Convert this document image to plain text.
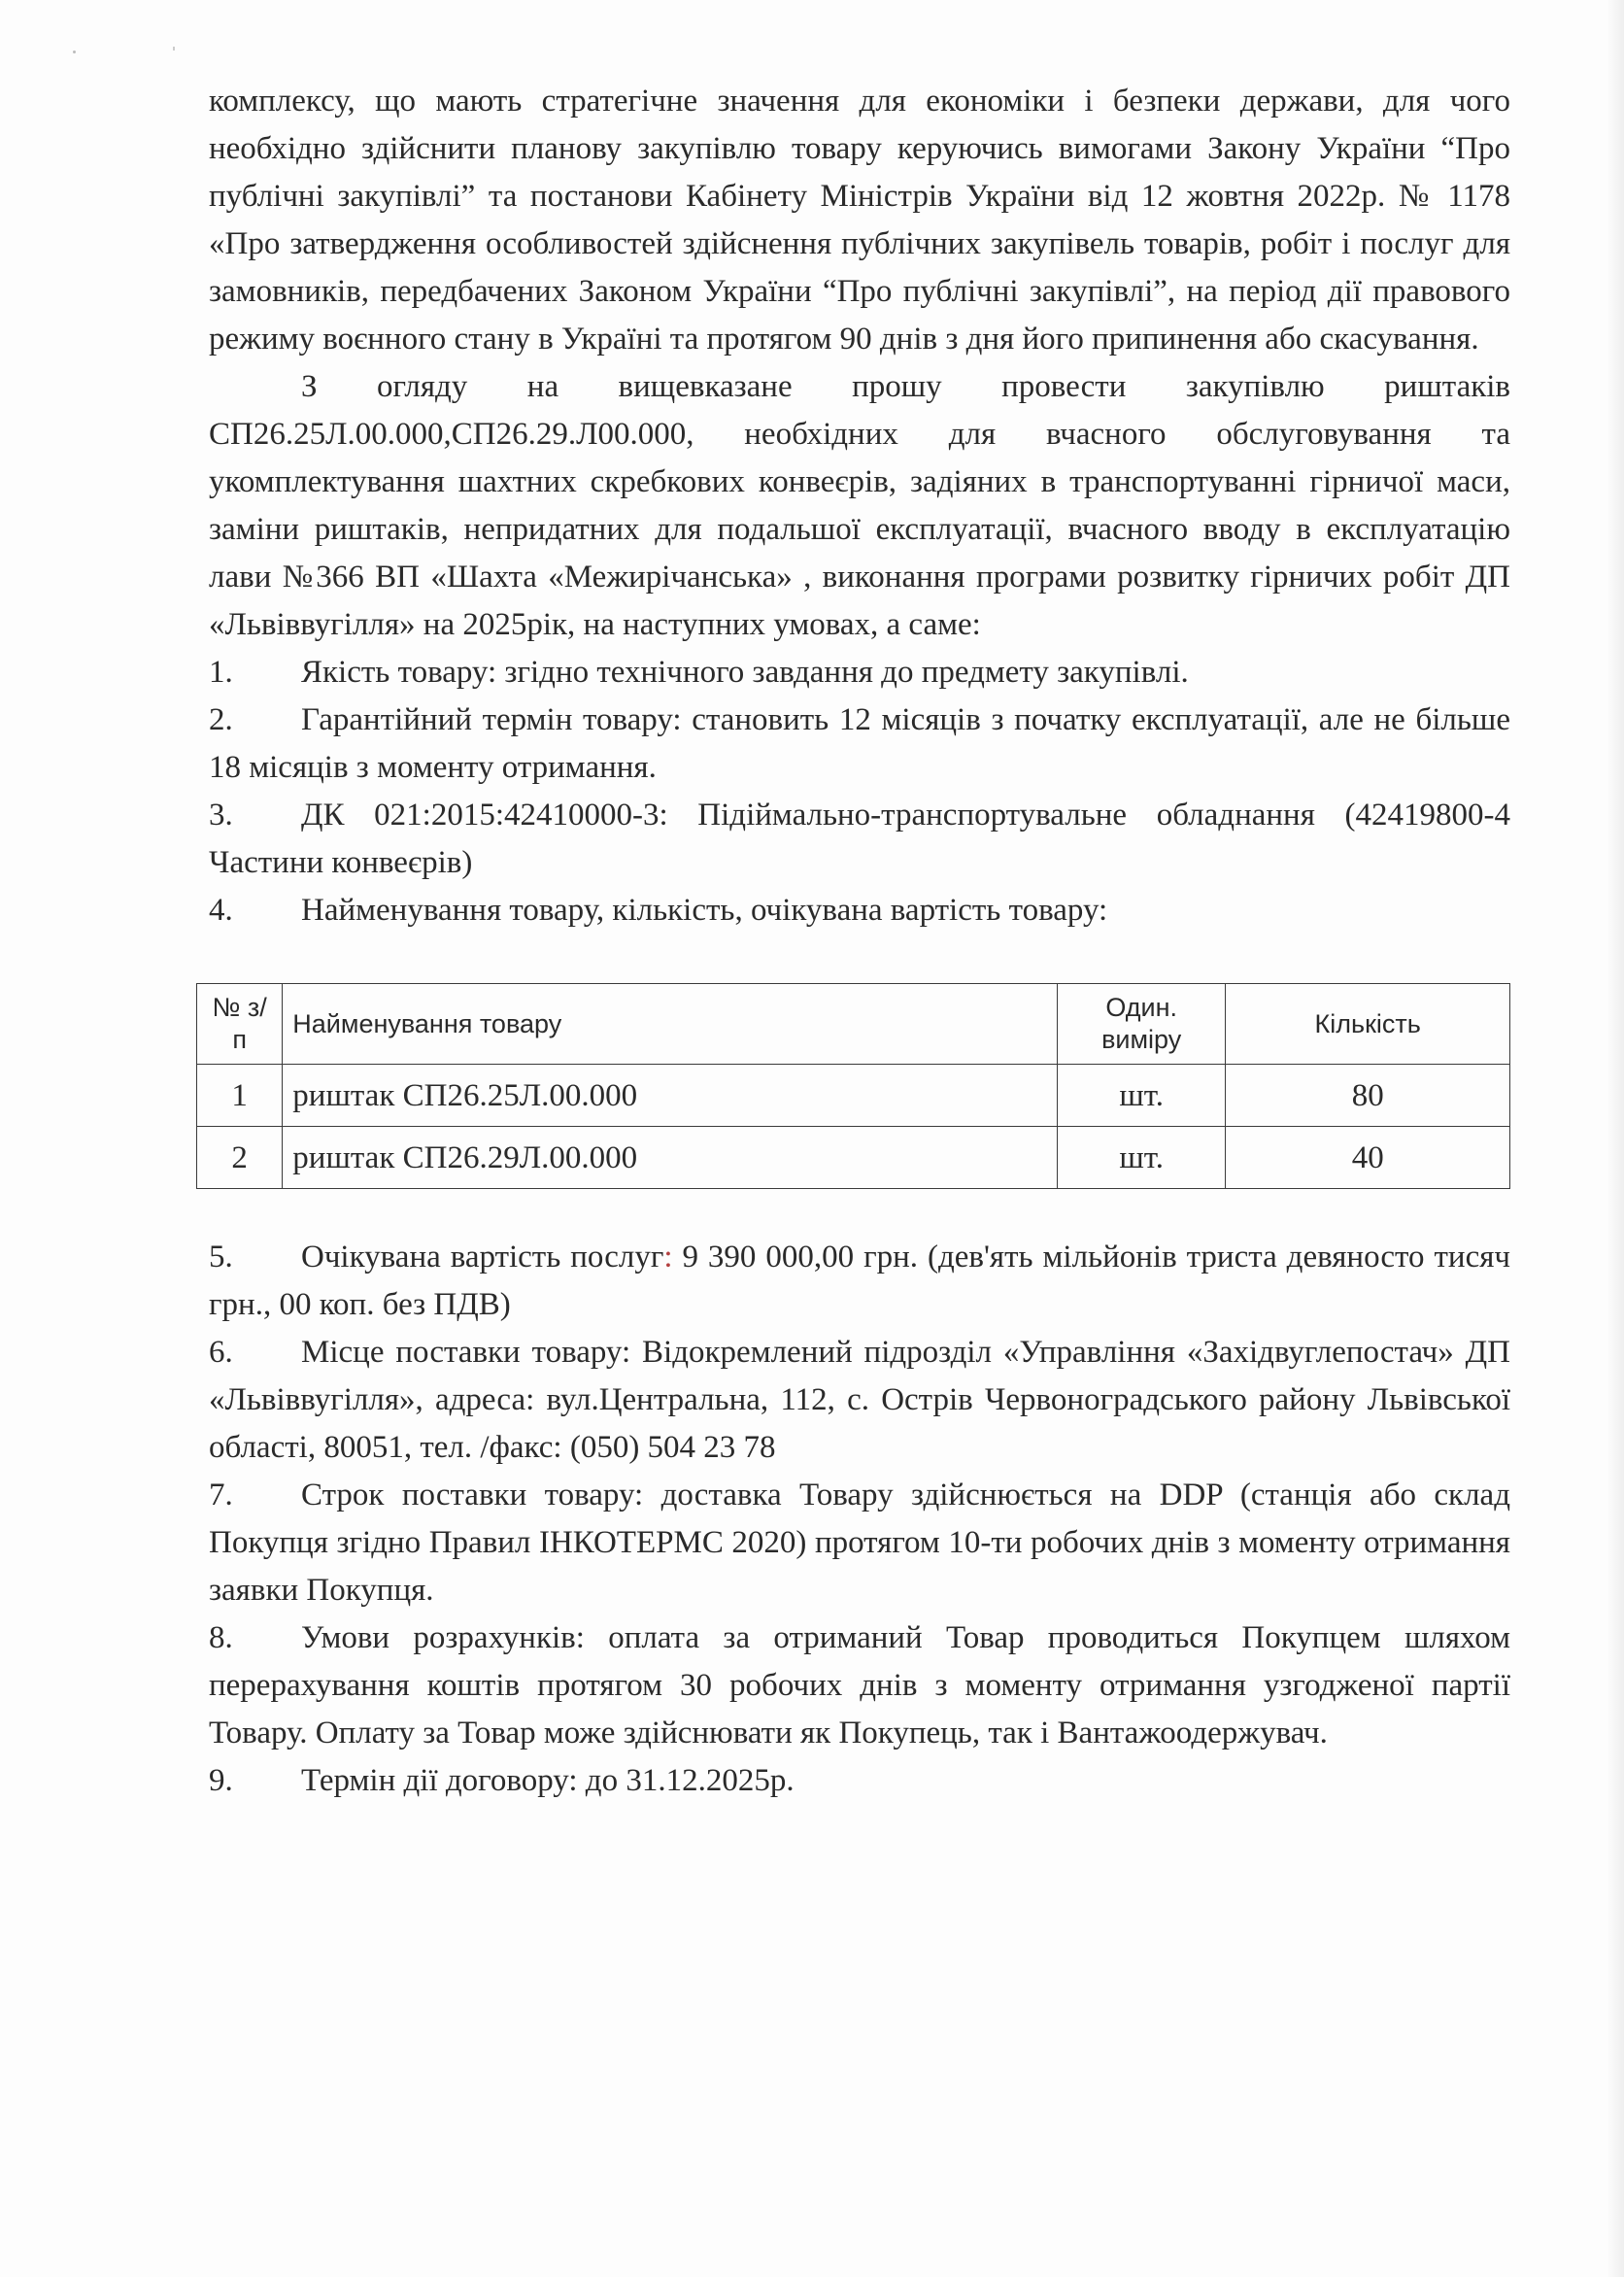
комплексу, що мають стратегічне значення для економіки і безпеки держави, для чого необхідно здійснити планову закупівлю товару керуючись вимогами Закону України “Про публічні закупівлі” та постанови Кабінету Міністрів України від 12 жовтня 2022р. № 1178 «Про затвердження особливостей здійснення публічних закупівель товарів, робіт і послуг для замовників, передбачених Законом України “Про публічні закупівлі”, на період дії правового режиму воєнного стану в Україні та протягом 90 днів з дня його припинення або скасування.

З огляду на вищевказане прошу провести закупівлю риштаків СП26.25Л.00.000,СП26.29.Л00.000, необхідних для вчасного обслуговування та укомплектування шахтних скребкових конвеєрів, задіяних в транспортуванні гірничої маси, заміни риштаків, непридатних для подальшої експлуатації, вчасного вводу в експлуатацію лави №366 ВП «Шахта «Межирічанська» , виконання програми розвитку гірничих робіт ДП «Львіввугілля» на 2025рік, на наступних умовах, а саме:

1. Якість товару: згідно технічного завдання до предмету закупівлі.

2. Гарантійний термін товару: становить 12 місяців з початку експлуатації, але не більше 18 місяців з моменту отримання.

3. ДК 021:2015:42410000-3: Підіймально-транспортувальне обладнання (42419800-4 Частини конвеєрів)

4. Найменування товару, кількість, очікувана вартість товару:

№ з/п	Найменування товару	Один. виміру	Кількість
1	риштак СП26.25Л.00.000	шт.	80
2	риштак СП26.29Л.00.000	шт.	40

5. Очікувана вартість послуг: 9 390 000,00 грн. (дев'ять мільйонів триста девяносто тисяч грн., 00 коп. без ПДВ)

6. Місце поставки товару: Відокремлений підрозділ «Управління «Західвуглепостач» ДП «Львіввугілля», адреса: вул.Центральна, 112, с. Острів Червоноградського району Львівської області, 80051, тел. /факс: (050) 504 23 78

7. Строк поставки товару: доставка Товару здійснюється на DDP (станція або склад Покупця згідно Правил ІНКОТЕРМС 2020) протягом 10-ти робочих днів з моменту отримання заявки Покупця.

8. Умови розрахунків: оплата за отриманий Товар проводиться Покупцем шляхом перерахування коштів протягом 30 робочих днів з моменту отримання узгодженої партії Товару. Оплату за Товар може здійснювати як Покупець, так і Вантажоодержувач.

9. Термін дії договору: до 31.12.2025р.
